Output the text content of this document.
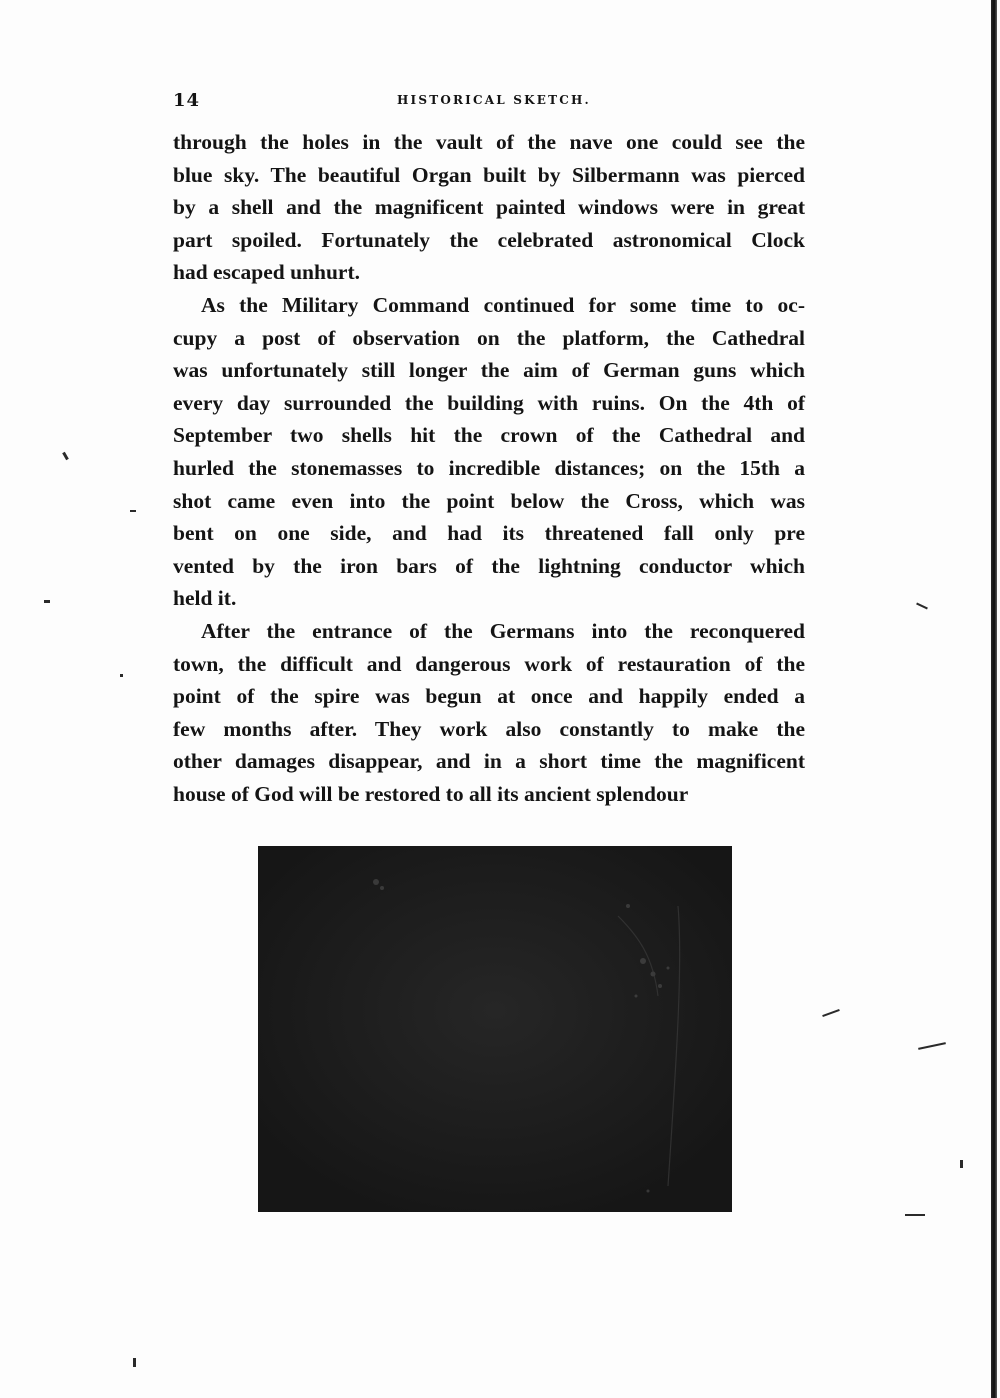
14	HISTORICAL SKETCH.
through the holes in the vault of the nave one could see the
blue sky. The beautiful Organ built by Silbermann was pierced
by a shell and the magnificent painted windows were in great
part spoiled. Fortunately the celebrated astronomical Clock
had escaped unhurt.
As the Military Command continued for some time to oc-
cupy a post of observation on the platform, the Cathedral
was unfortunately still longer the aim of German guns which
every day surrounded the building with ruins. On the 4th of
September two shells hit the crown of the Cathedral and
hurled the stonemasses to incredible distances; on the 15th a
shot came even into the point below the Cross, which was
bent on one side, and had its threatened fall only pre
vented by the iron bars of the lightning conductor which
held it.
After the entrance of the Germans into the reconquered
town, the difficult and dangerous work of restauration of the
point of the spire was begun at once and happily ended a
few months after. They work also constantly to make the
other damages disappear, and in a short time the magnificent
house of God will be restored to all its ancient splendour
